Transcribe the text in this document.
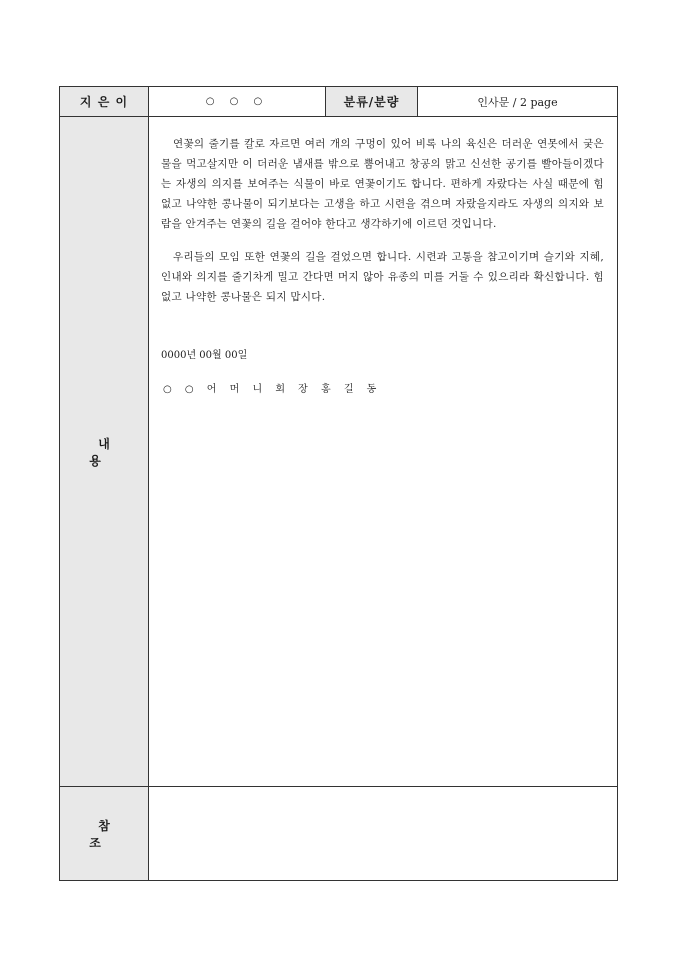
지 은 이	○ ○ ○	분류/분량	인사문 / 2 page
내 용	연꽃의 줄기를 칼로 자르면 여러 개의 구멍이 있어 비록 나의 육신은 더러운 연못에서 궂은 물을 먹고살지만 이 더러운 냄새를 밖으로 뿜어내고 창공의 맑고 신선한 공기를 빨아들이겠다는 자생의 의지를 보여주는 식물이 바로 연꽃이기도 합니다. 편하게 자랐다는 사실 때문에 힘없고 나약한 콩나물이 되기보다는 고생을 하고 시련을 겪으며 자랐을지라도 자생의 의지와 보람을 안겨주는 연꽃의 길을 걸어야 한다고 생각하기에 이르던 것입니다.

우리들의 모임 또한 연꽃의 길을 걸었으면 합니다. 시련과 고통을 참고이기며 슬기와 지혜, 인내와 의지를 줄기차게 밀고 간다면 머지 않아 유종의 미를 거둘 수 있으리라 확신합니다. 힘없고 나약한 콩나물은 되지 맙시다.

0000년 00월 00일

○ ○ 어 머 니 회 장 홍 길 동		

참 조			
